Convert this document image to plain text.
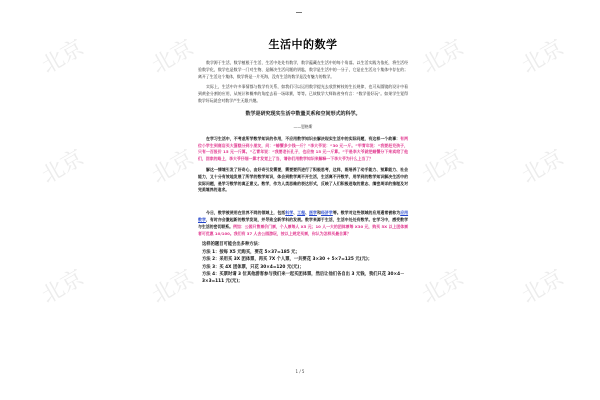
北京	北京	北京 北京
北京	北京	北京 北京
北京	北京	北京 北京
生活中的数学

数学源于生活，数学植根于生活，生活中处处有数学，数学蕴藏在生活中的每个角落。以生活实践为依托，将生活经验数学化，数学也是数学一门对生物、是解决生活问题的钥匙，数学是生活中的一分子，它是在生活这个集体中存在的；离开了生活这个集体，数学将是一片死海，没有生活的数学是没有魅力的数学。

实际上，生活中许多事情都与数学有关系，如我们可以运用数学提光去欣赏树枝的生长规律，也可从圆镜的设计中看到黄金分割的应用，从统计和概率的角度去看一场球赛，等等。已故数学大师陈省身有言：“数学很好玩”。如果学生觉得数学好玩就会对数学产生无限兴趣。

数学是研究现实生活中数量关系和空间形式的科学。
——恩格斯

在学习生活中，不考虑所学数学知识的作用，不应用数学知识去解决现实生活中的实际问题，有这样一个故事：有两位小学生到商店买大蛋糕分到小朋友，问：“螃蟹多少钱一斤？”李大爷说：“30 元一斤。”甲青年说：“我要赶充孩子，只有一百报价 15 元一斤算。”乙青年说：“我要老长孔子，也应按 15 元一斤算。”于是李大爷就把螃蟹分下来卖给了他们，回家的路上，李大爷仔细一算才发觉上了当，请你们用数学知识来解释一下李大爷为什么上当了？

解这一情境引发了好奇心，由好奇引发需要，需要要所进行了积极思考，这样，既培养了动手能力、预算能力、社会能力，又十分有效地发展了所学的数学知识，体会到数学离不开生活，生活离不开数学，用学到的数学知识解决生活中的实际问题，是学习数学的真正意义。数学，作为人类思维的表达形式，反映了人们积极进取的意志、缜密周详的推理及对完美境界的追求。

今日，数学被使用在世界不同的领域上，包括科学、工程、医学和经济学等。数学对这些领域的应用通常被称为应用数学，有时亦会激起新的数学发现，并导致全新学科的发展。数学来源于生活，生活中处处有数学。在学习中，感受数学与生活的密切联系。例如：公园只售票价门票，个人票每人 X5 元；10 人一大的团体票每 X30 元，购买 5X 以上团体票者可优惠 10/100。我们有 37 人去公园游玩，按以上规定买票，你认为怎样买最合算？

这样的题目可能会出多种方法：
方法 1：按每 X5 元购买，要花 5×37=185 元；
方法 2：采用买 3X 团体票，再买 7X 个人票，一共要花 3×30 + 5×7=125 元(元)；
方法 3：买 4X 团体票，只花 30×4=120 元(元)；
方法 4：买票时请 3 位其他游客参与我们来一起买团体票，然后让他们各自出 3 元钱，我们只花 30×4－3×3=111 元(元)；
1 / 5
